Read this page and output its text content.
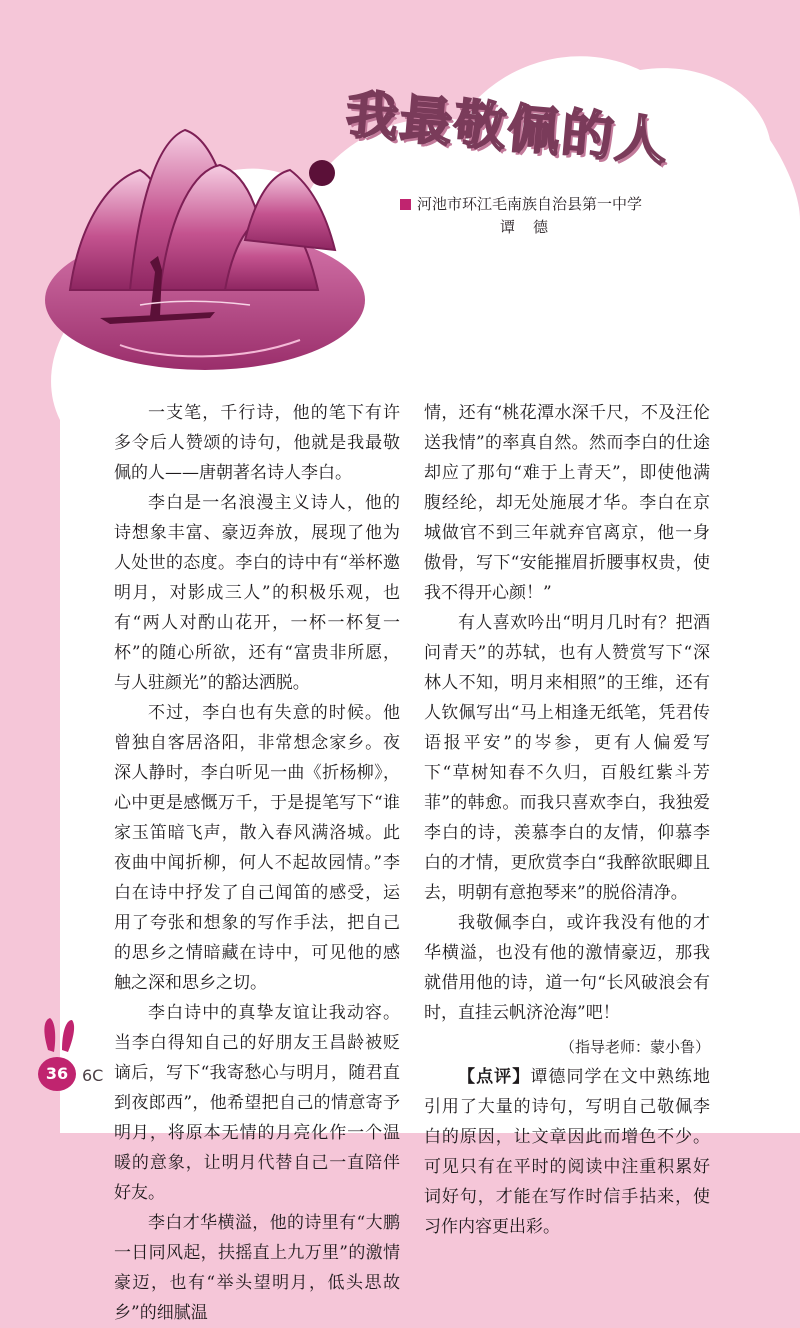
我最敬佩的人
河池市环江毛南族自治县第一中学
谭德

一支笔，千行诗，他的笔下有许多令后人赞颂的诗句，他就是我最敬佩的人——唐朝著名诗人李白。

李白是一名浪漫主义诗人，他的诗想象丰富、豪迈奔放，展现了他为人处世的态度。李白的诗中有“举杯邀明月，对影成三人”的积极乐观，也有“两人对酌山花开，一杯一杯复一杯”的随心所欲，还有“富贵非所愿，与人驻颜光”的豁达洒脱。

不过，李白也有失意的时候。他曾独自客居洛阳，非常想念家乡。夜深人静时，李白听见一曲《折杨柳》，心中更是感慨万千，于是提笔写下“谁家玉笛暗飞声，散入春风满洛城。此夜曲中闻折柳，何人不起故园情。”李白在诗中抒发了自己闻笛的感受，运用了夸张和想象的写作手法，把自己的思乡之情暗藏在诗中，可见他的感触之深和思乡之切。

李白诗中的真挚友谊让我动容。当李白得知自己的好朋友王昌龄被贬谪后，写下“我寄愁心与明月，随君直到夜郎西”，他希望把自己的情意寄予明月，将原本无情的月亮化作一个温暖的意象，让明月代替自己一直陪伴好友。

李白才华横溢，他的诗里有“大鹏一日同风起，扶摇直上九万里”的激情豪迈，也有“举头望明月，低头思故乡”的细腻温

情，还有“桃花潭水深千尺，不及汪伦送我情”的率真自然。然而李白的仕途却应了那句“难于上青天”，即使他满腹经纶，却无处施展才华。李白在京城做官不到三年就弃官离京，他一身傲骨，写下“安能摧眉折腰事权贵，使我不得开心颜！”

有人喜欢吟出“明月几时有？把酒问青天”的苏轼，也有人赞赏写下“深林人不知，明月来相照”的王维，还有人钦佩写出“马上相逢无纸笔，凭君传语报平安”的岑参，更有人偏爱写下“草树知春不久归，百般红紫斗芳菲”的韩愈。而我只喜欢李白，我独爱李白的诗，羡慕李白的友情，仰慕李白的才情，更欣赏李白“我醉欲眠卿且去，明朝有意抱琴来”的脱俗清净。

我敬佩李白，或许我没有他的才华横溢，也没有他的激情豪迈，那我就借用他的诗，道一句“长风破浪会有时，直挂云帆济沧海”吧！

（指导老师：蒙小鲁）

【点评】谭德同学在文中熟练地引用了大量的诗句，写明自己敬佩李白的原因，让文章因此而增色不少。可见只有在平时的阅读中注重积累好词好句，才能在写作时信手拈来，使习作内容更出彩。

36 6C
